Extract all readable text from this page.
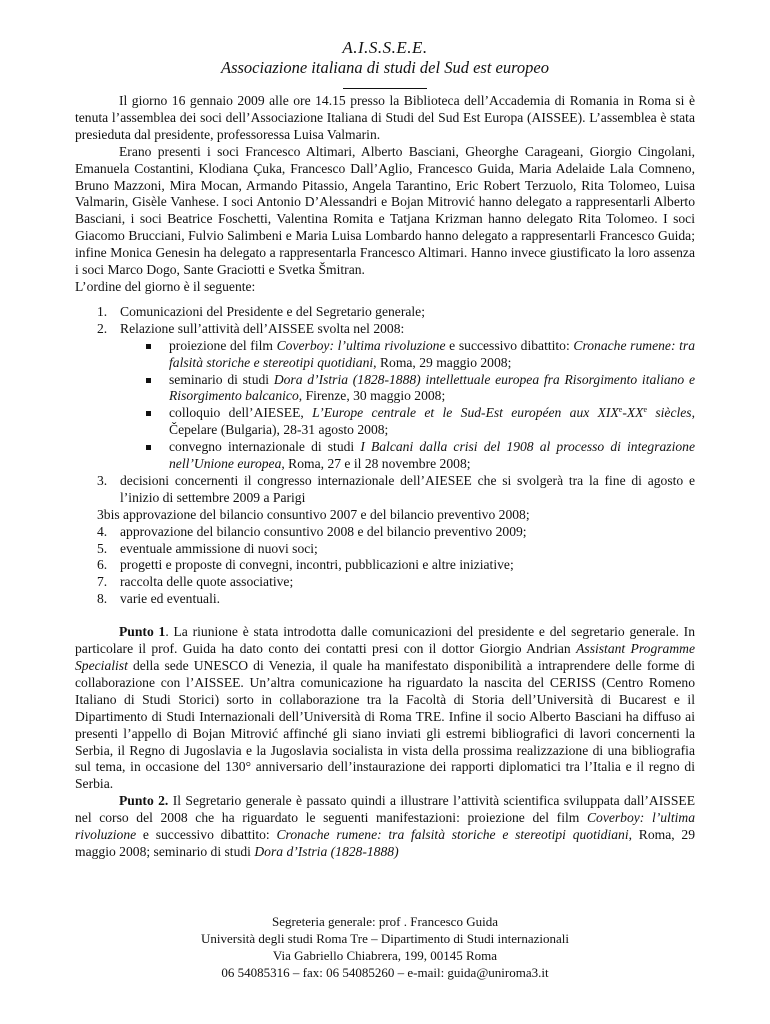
A.I.S.S.E.E.
Associazione italiana di studi del Sud est europeo

Il giorno 16 gennaio 2009 alle ore 14.15 presso la Biblioteca dell’Accademia di Romania in Roma si è tenuta l’assemblea dei soci dell’Associazione Italiana di Studi del Sud Est Europa (AISSEE). L’assemblea è stata presieduta dal presidente, professoressa Luisa Valmarin.

Erano presenti i soci Francesco Altimari, Alberto Basciani, Gheorghe Carageani, Giorgio Cingolani, Emanuela Costantini, Klodiana Çuka, Francesco Dall’Aglio, Francesco Guida, Maria Adelaide Lala Comneno, Bruno Mazzoni, Mira Mocan, Armando Pitassio, Angela Tarantino, Eric Robert Terzuolo, Rita Tolomeo, Luisa Valmarin, Gisèle Vanhese. I soci Antonio D’Alessandri e Bojan Mitrović hanno delegato a rappresentarli Alberto Basciani, i soci Beatrice Foschetti, Valentina Romita e Tatjana Krizman hanno delegato Rita Tolomeo. I soci Giacomo Brucciani, Fulvio Salimbeni e Maria Luisa Lombardo hanno delegato a rappresentarli Francesco Guida; infine Monica Genesin ha delegato a rappresentarla Francesco Altimari. Hanno invece giustificato la loro assenza i soci Marco Dogo, Sante Graciotti e Svetka Šmitran.

L’ordine del giorno è il seguente:

1. Comunicazioni del Presidente e del Segretario generale;
2. Relazione sull’attività dell’AISSEE svolta nel 2008:
proiezione del film Coverboy: l’ultima rivoluzione e successivo dibattito: Cronache rumene: tra falsità storiche e stereotipi quotidiani, Roma, 29 maggio 2008;
seminario di studi Dora d’Istria (1828-1888) intellettuale europea fra Risorgimento italiano e Risorgimento balcanico, Firenze, 30 maggio 2008;
colloquio dell’AIESEE, L’Europe centrale et le Sud-Est européen aux XIXe-XXe siècles, Čepelare (Bulgaria), 28-31 agosto 2008;
convegno internazionale di studi I Balcani dalla crisi del 1908 al processo di integrazione nell’Unione europea, Roma, 27 e il 28 novembre 2008;
3. decisioni concernenti il congresso internazionale dell’AIESEE che si svolgerà tra la fine di agosto e l’inizio di settembre 2009 a Parigi
3bis approvazione del bilancio consuntivo 2007 e del bilancio preventivo 2008;
4. approvazione del bilancio consuntivo 2008 e del bilancio preventivo 2009;
5. eventuale ammissione di nuovi soci;
6. progetti e proposte di convegni, incontri, pubblicazioni e altre iniziative;
7. raccolta delle quote associative;
8. varie ed eventuali.

Punto 1. La riunione è stata introdotta dalle comunicazioni del presidente e del segretario generale. In particolare il prof. Guida ha dato conto dei contatti presi con il dottor Giorgio Andrian Assistant Programme Specialist della sede UNESCO di Venezia, il quale ha manifestato disponibilità a intraprendere delle forme di collaborazione con l’AISSEE. Un’altra comunicazione ha riguardato la nascita del CERISS (Centro Romeno Italiano di Studi Storici) sorto in collaborazione tra la Facoltà di Storia dell’Università di Bucarest e il Dipartimento di Studi Internazionali dell’Università di Roma TRE. Infine il socio Alberto Basciani ha diffuso ai presenti l’appello di Bojan Mitrović affinché gli siano inviati gli estremi bibliografici di lavori concernenti la Serbia, il Regno di Jugoslavia e la Jugoslavia socialista in vista della prossima realizzazione di una bibliografia sul tema, in occasione del 130° anniversario dell’instaurazione dei rapporti diplomatici tra l’Italia e il regno di Serbia.

Punto 2. Il Segretario generale è passato quindi a illustrare l’attività scientifica sviluppata dall’AISSEE nel corso del 2008 che ha riguardato le seguenti manifestazioni: proiezione del film Coverboy: l’ultima rivoluzione e successivo dibattito: Cronache rumene: tra falsità storiche e stereotipi quotidiani, Roma, 29 maggio 2008; seminario di studi Dora d’Istria (1828-1888)

Segreteria generale: prof . Francesco Guida
Università degli studi Roma Tre – Dipartimento di Studi internazionali
Via Gabriello Chiabrera, 199, 00145 Roma
06 54085316 – fax: 06 54085260 – e-mail: guida@uniroma3.it
